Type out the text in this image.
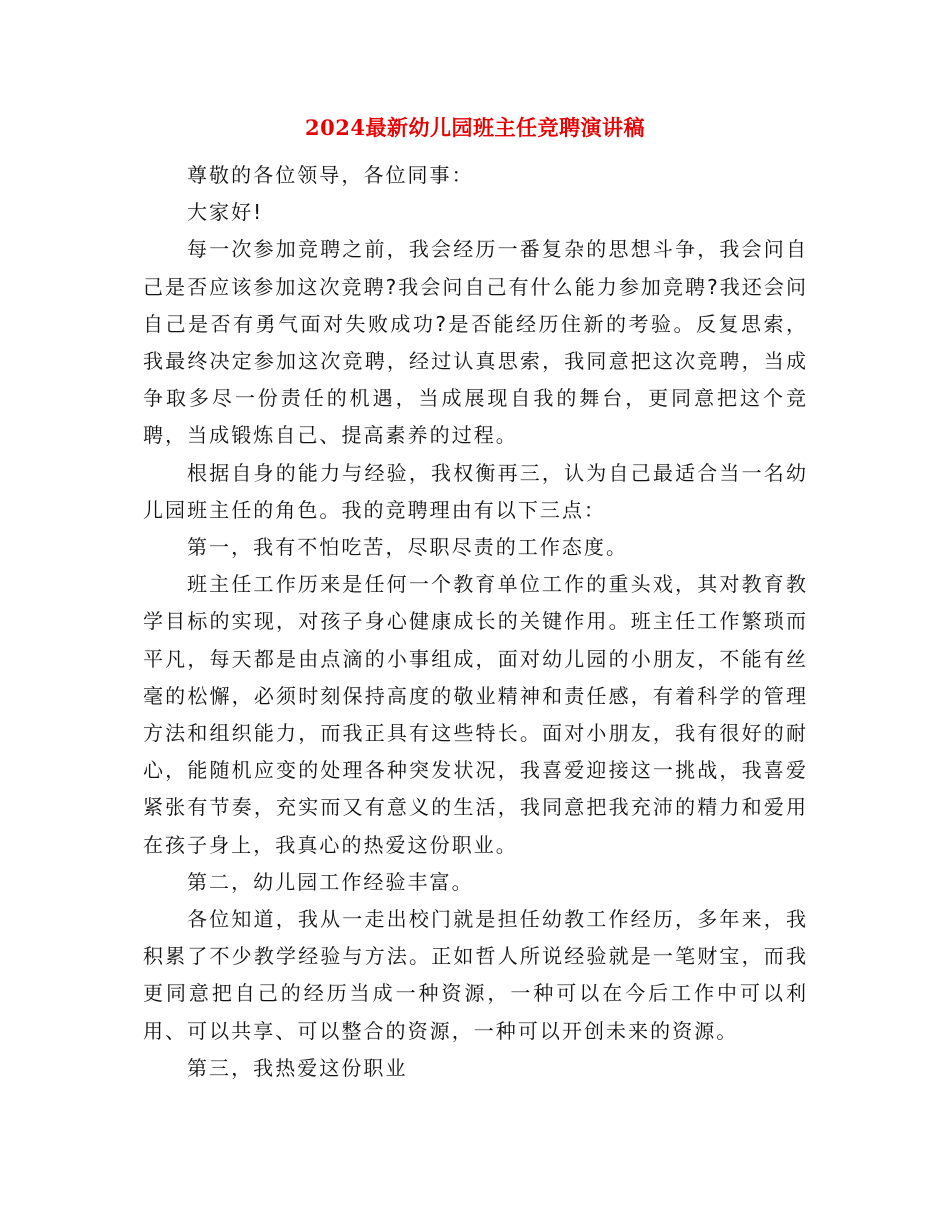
2024最新幼儿园班主任竞聘演讲稿

尊敬的各位领导，各位同事：

大家好!

每一次参加竞聘之前，我会经历一番复杂的思想斗争，我会问自己是否应该参加这次竞聘?我会问自己有什么能力参加竞聘?我还会问自己是否有勇气面对失败成功?是否能经历住新的考验。反复思索，我最终决定参加这次竞聘，经过认真思索，我同意把这次竞聘，当成争取多尽一份责任的机遇，当成展现自我的舞台，更同意把这个竞聘，当成锻炼自己、提高素养的过程。

根据自身的能力与经验，我权衡再三，认为自己最适合当一名幼儿园班主任的角色。我的竞聘理由有以下三点：

第一，我有不怕吃苦，尽职尽责的工作态度。

班主任工作历来是任何一个教育单位工作的重头戏，其对教育教学目标的实现，对孩子身心健康成长的关键作用。班主任工作繁琐而平凡，每天都是由点滴的小事组成，面对幼儿园的小朋友，不能有丝毫的松懈，必须时刻保持高度的敬业精神和责任感，有着科学的管理方法和组织能力，而我正具有这些特长。面对小朋友，我有很好的耐心，能随机应变的处理各种突发状况，我喜爱迎接这一挑战，我喜爱紧张有节奏，充实而又有意义的生活，我同意把我充沛的精力和爱用在孩子身上，我真心的热爱这份职业。

第二，幼儿园工作经验丰富。

各位知道，我从一走出校门就是担任幼教工作经历，多年来，我积累了不少教学经验与方法。正如哲人所说经验就是一笔财宝，而我更同意把自己的经历当成一种资源，一种可以在今后工作中可以利用、可以共享、可以整合的资源，一种可以开创未来的资源。

第三，我热爱这份职业
